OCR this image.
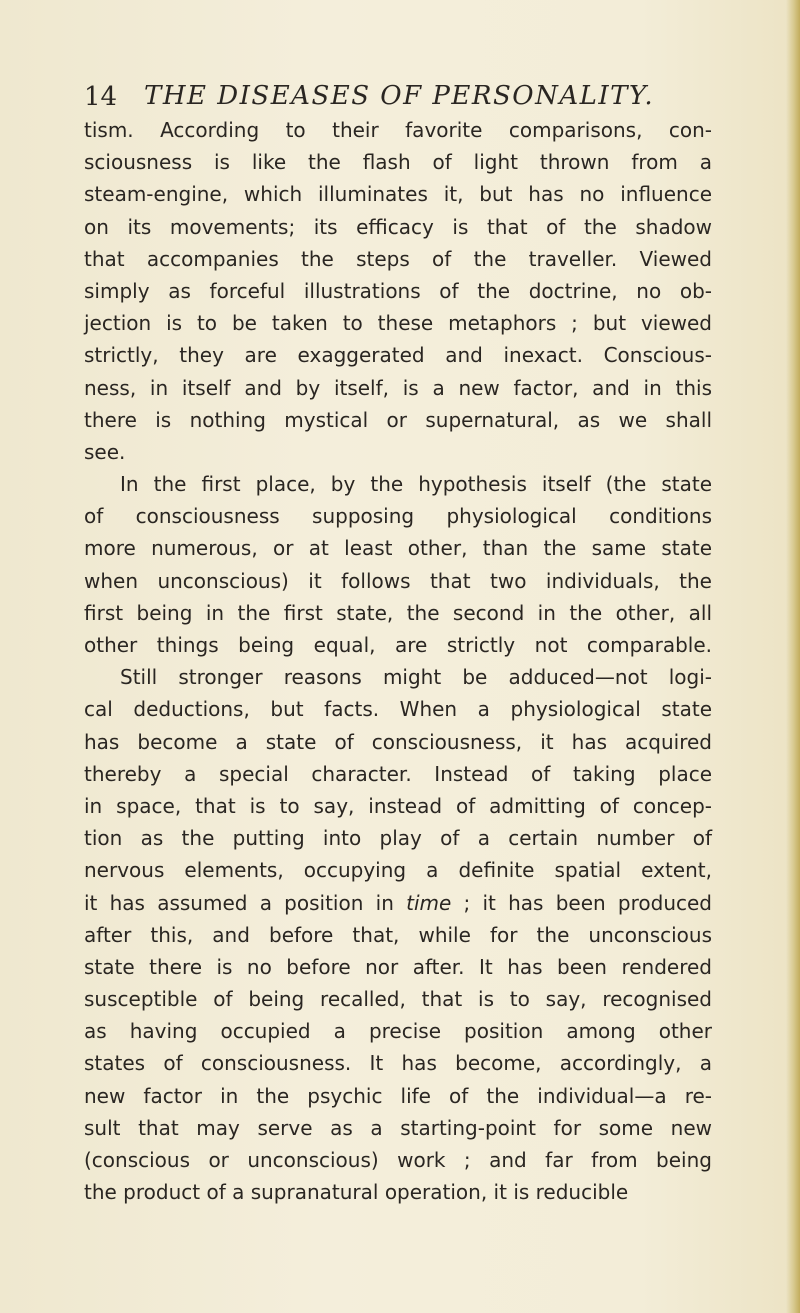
14 THE DISEASES OF PERSONALITY.
tism. According to their favorite comparisons, con-
sciousness is like the flash of light thrown from a
steam-engine, which illuminates it, but has no influence
on its movements; its efficacy is that of the shadow
that accompanies the steps of the traveller. Viewed
simply as forceful illustrations of the doctrine, no ob-
jection is to be taken to these metaphors ; but viewed
strictly, they are exaggerated and inexact. Conscious-
ness, in itself and by itself, is a new factor, and in this
there is nothing mystical or supernatural, as we shall
see.
In the first place, by the hypothesis itself (the state
of consciousness supposing physiological conditions
more numerous, or at least other, than the same state
when unconscious) it follows that two individuals, the
first being in the first state, the second in the other, all
other things being equal, are strictly not comparable.
Still stronger reasons might be adduced—not logi-
cal deductions, but facts. When a physiological state
has become a state of consciousness, it has acquired
thereby a special character. Instead of taking place
in space, that is to say, instead of admitting of concep-
tion as the putting into play of a certain number of
nervous elements, occupying a definite spatial extent,
it has assumed a position in time ; it has been produced
after this, and before that, while for the unconscious
state there is no before nor after. It has been rendered
susceptible of being recalled, that is to say, recognised
as having occupied a precise position among other
states of consciousness. It has become, accordingly, a
new factor in the psychic life of the individual—a re-
sult that may serve as a starting-point for some new
(conscious or unconscious) work ; and far from being
the product of a supranatural operation, it is reducible
